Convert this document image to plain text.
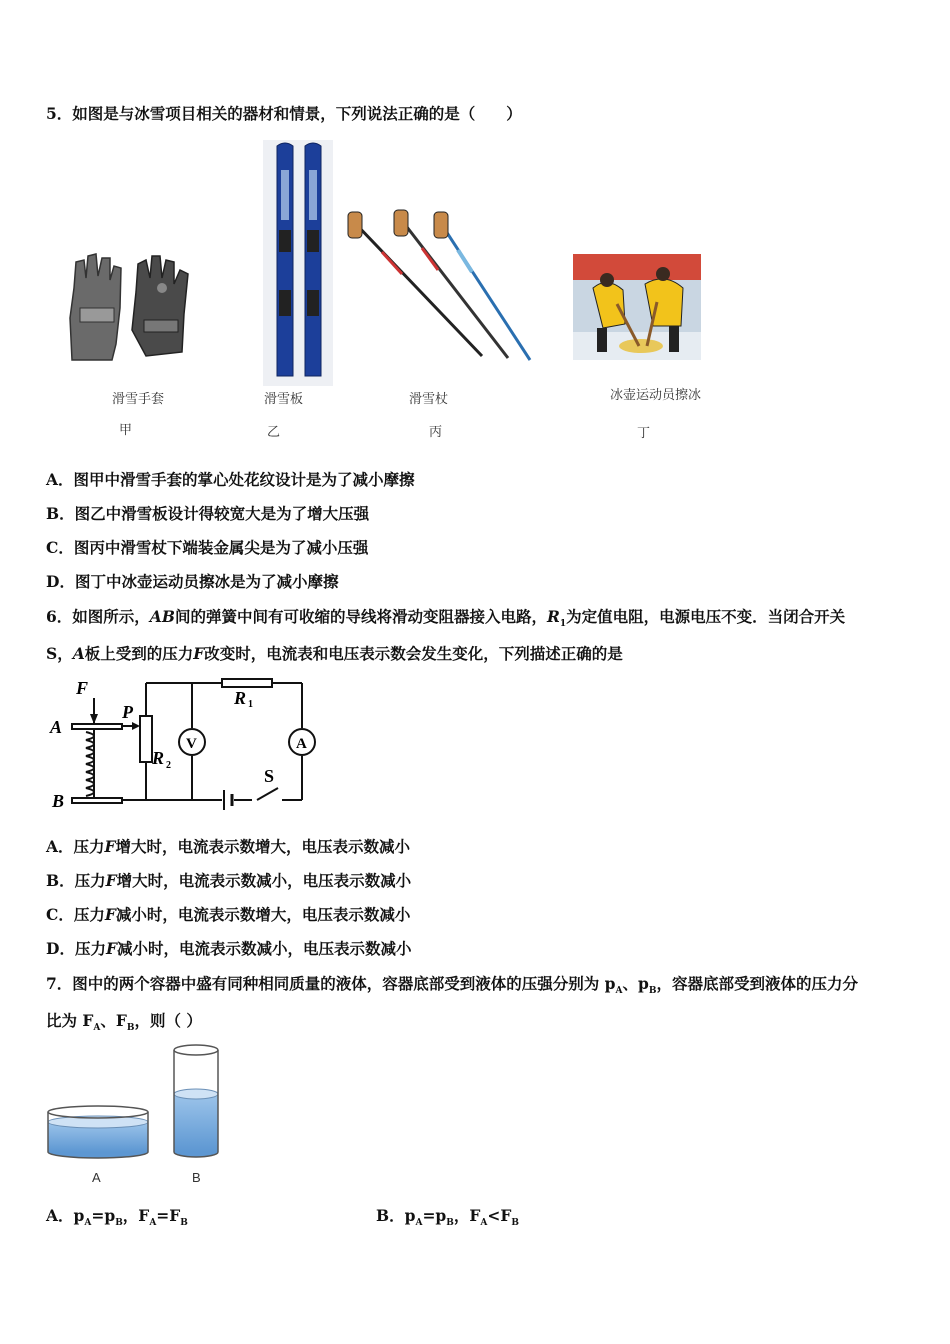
5．如图是与冰雪项目相关的器材和情景，下列说法正确的是（　　）
滑雪手套
甲
滑雪板
乙
滑雪杖
丙
冰壶运动员擦冰
丁
A．图甲中滑雪手套的掌心处花纹设计是为了减小摩擦
B．图乙中滑雪板设计得较宽大是为了增大压强
C．图丙中滑雪杖下端装金属尖是为了减小压强
D．图丁中冰壶运动员擦冰是为了减小摩擦
6．如图所示，AB间的弹簧中间有可收缩的导线将滑动变阻器接入电路，$R_1$为定值电阻，电源电压不变．当闭合开关
S，A板上受到的压力F改变时，电流表和电压表示数会发生变化，下列描述正确的是
F
A
B
P
R 1
R 2
V	A
S
A．压力F增大时，电流表示数增大，电压表示数减小
B．压力F增大时，电流表示数减小，电压表示数减小
C．压力F减小时，电流表示数增大，电压表示数减小
D．压力F减小时，电流表示数减小，电压表示数减小
7．图中的两个容器中盛有同种相同质量的液体，容器底部受到液体的压强分别为 $p_A$、$p_B$，容器底部受到液体的压力分
比为 $F_A$、$F_B$，则（ ）
A	B
A．$p_A=p_B$，$F_A=F_B$	B．$p_A=p_B$，$F_A<F_B$
